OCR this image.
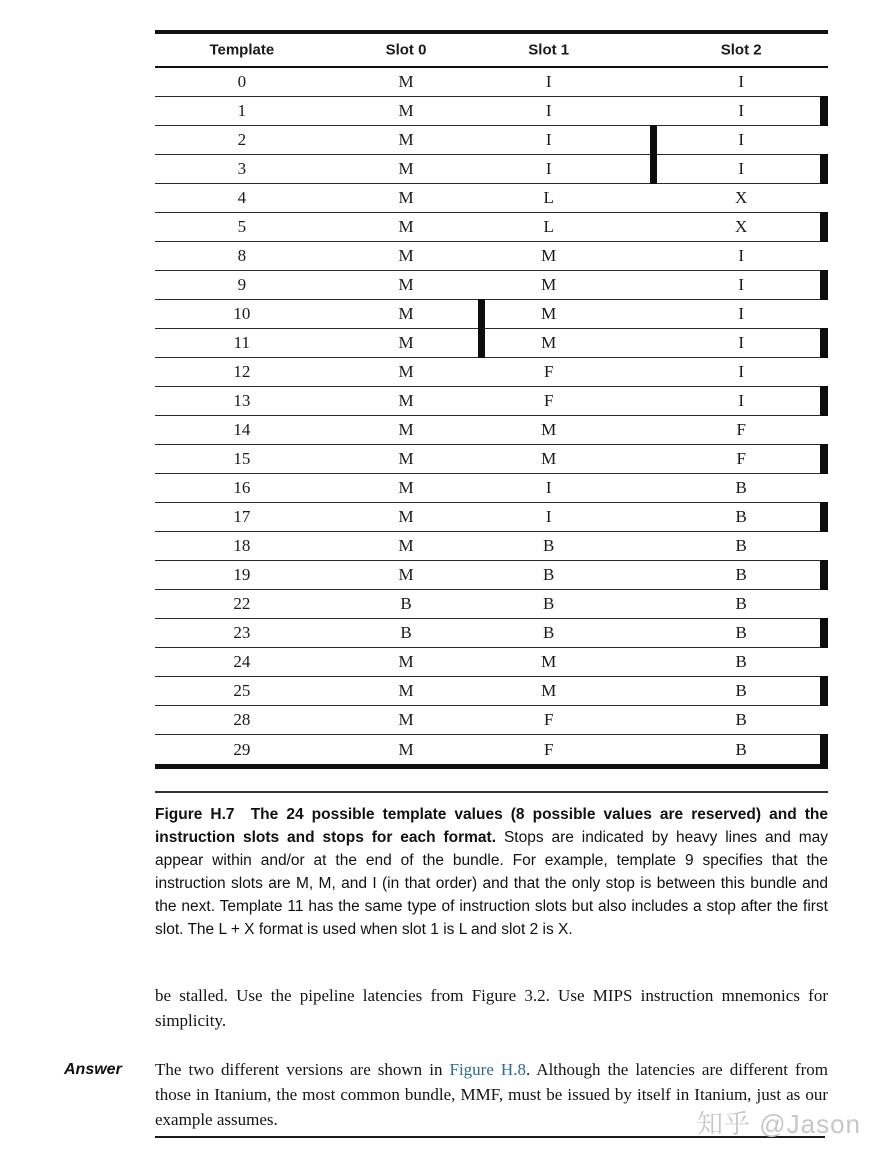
Template	Slot 0	Slot 1	Slot 2
0	M	I	I
1	M	I	I
2	M	I	I
3	M	I	I
4	M	L	X
5	M	L	X
8	M	M	I
9	M	M	I
10	M	M	I
11	M	M	I
12	M	F	I
13	M	F	I
14	M	M	F
15	M	M	F
16	M	I	B
17	M	I	B
18	M	B	B
19	M	B	B
22	B	B	B
23	B	B	B
24	M	M	B
25	M	M	B
28	M	F	B
29	M	F	B

Figure H.7 The 24 possible template values (8 possible values are reserved) and the instruction slots and stops for each format. Stops are indicated by heavy lines and may appear within and/or at the end of the bundle. For example, template 9 specifies that the instruction slots are M, M, and I (in that order) and that the only stop is between this bundle and the next. Template 11 has the same type of instruction slots but also includes a stop after the first slot. The L + X format is used when slot 1 is L and slot 2 is X.

be stalled. Use the pipeline latencies from Figure 3.2. Use MIPS instruction mnemonics for simplicity.

Answer The two different versions are shown in Figure H.8. Although the latencies are different from those in Itanium, the most common bundle, MMF, must be issued by itself in Itanium, just as our example assumes.	知乎 @Jason
